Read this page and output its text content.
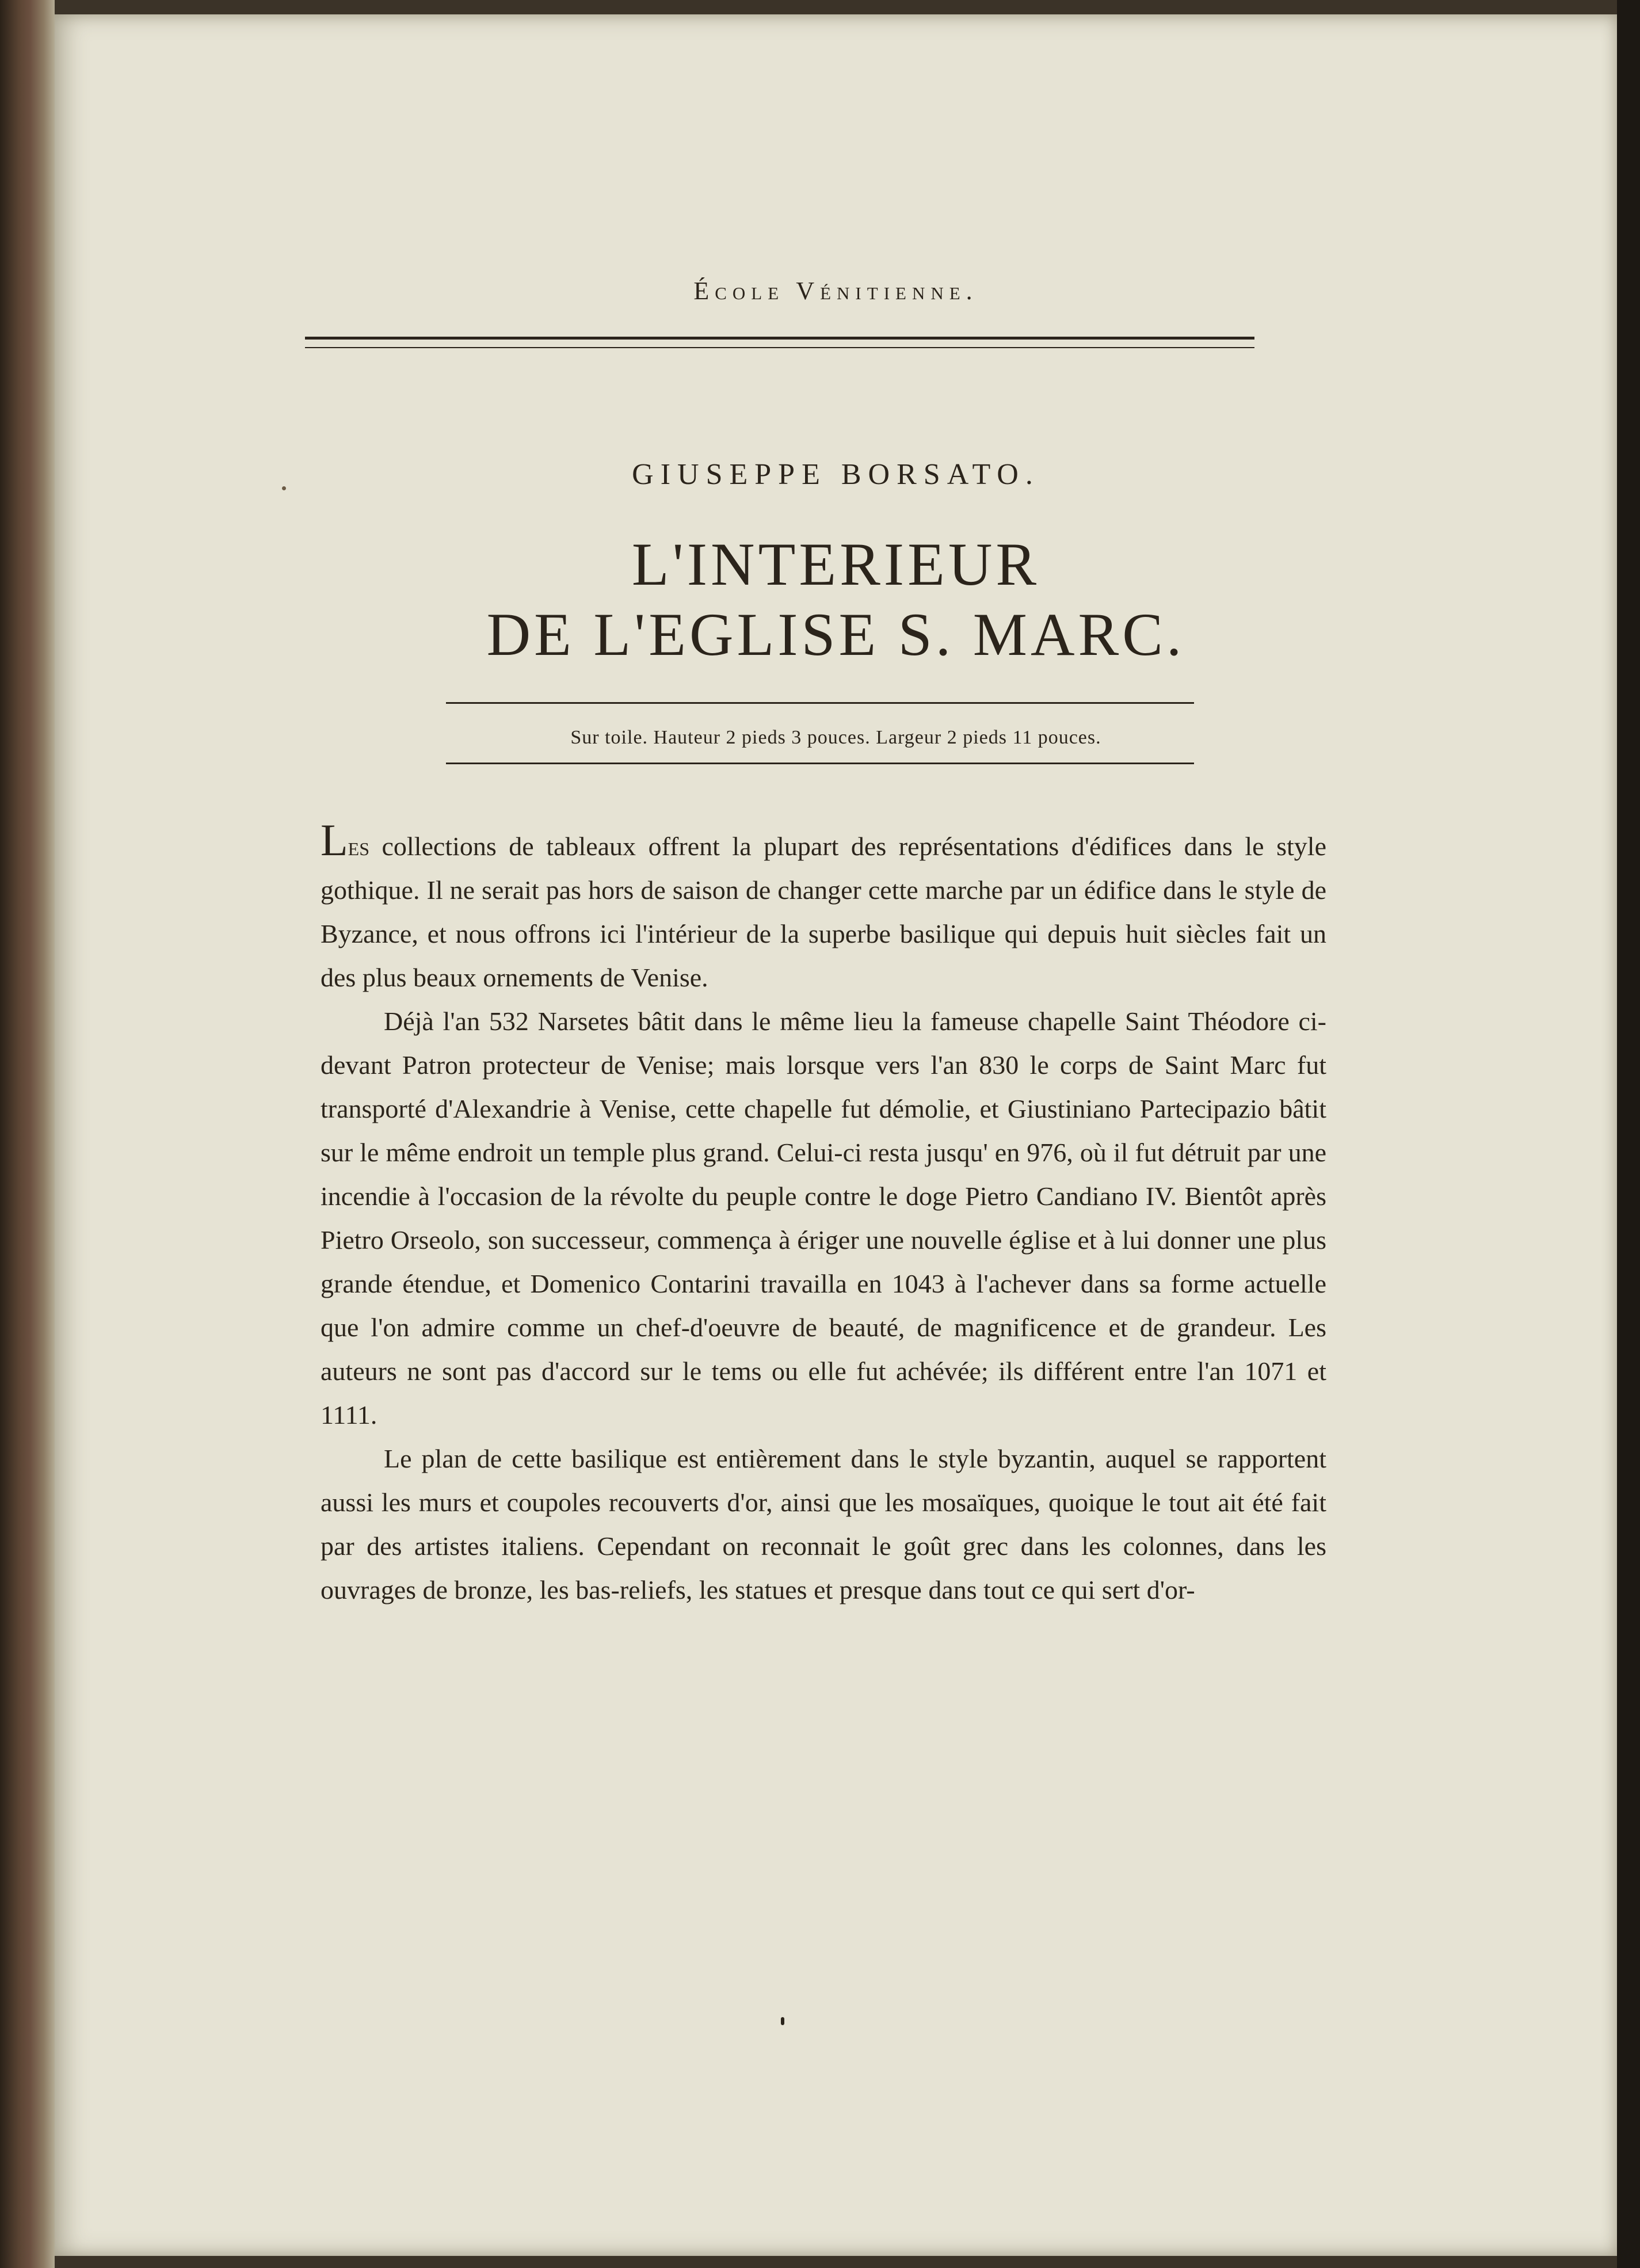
École Vénitienne.
GIUSEPPE BORSATO.
L'INTERIEUR
DE L'EGLISE S. MARC.
Sur toile. Hauteur 2 pieds 3 pouces. Largeur 2 pieds 11 pouces.

Les collections de tableaux offrent la plupart des représentations d'édifices dans le style gothique. Il ne serait pas hors de saison de changer cette marche par un édifice dans le style de Byzance, et nous offrons ici l'intérieur de la superbe basilique qui depuis huit siècles fait un des plus beaux ornements de Venise.

Déjà l'an 532 Narsetes bâtit dans le même lieu la fameuse chapelle Saint Théodore ci-devant Patron protecteur de Venise; mais lorsque vers l'an 830 le corps de Saint Marc fut transporté d'Alexandrie à Venise, cette chapelle fut démolie, et Giustiniano Partecipazio bâtit sur le même endroit un temple plus grand. Celui-ci resta jusqu' en 976, où il fut détruit par une incendie à l'occasion de la révolte du peuple contre le doge Pietro Candiano IV. Bientôt après Pietro Orseolo, son successeur, commença à ériger une nouvelle église et à lui donner une plus grande étendue, et Domenico Contarini travailla en 1043 à l'achever dans sa forme actuelle que l'on admire comme un chef-d'oeuvre de beauté, de magnificence et de grandeur. Les auteurs ne sont pas d'accord sur le tems ou elle fut achévée; ils différent entre l'an 1071 et 1111.

Le plan de cette basilique est entièrement dans le style byzantin, auquel se rapportent aussi les murs et coupoles recouverts d'or, ainsi que les mosaïques, quoique le tout ait été fait par des artistes italiens. Cependant on reconnait le goût grec dans les colonnes, dans les ouvrages de bronze, les bas-reliefs, les statues et presque dans tout ce qui sert d'or-
